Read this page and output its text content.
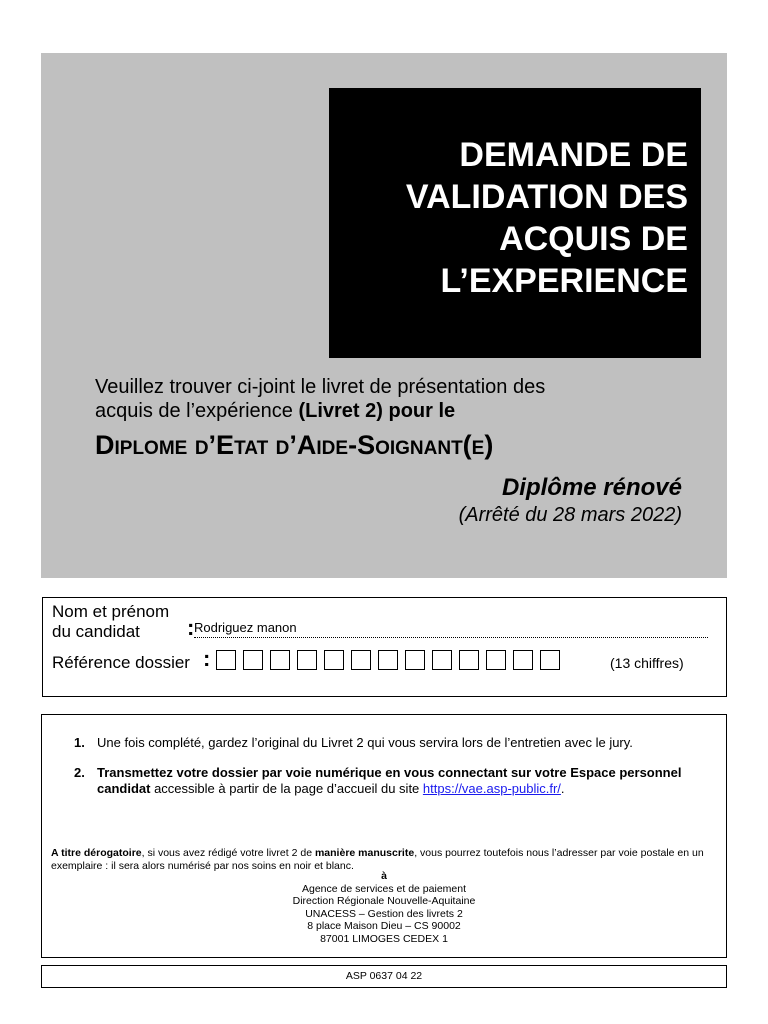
DEMANDE DE
VALIDATION DES
ACQUIS DE
L’EXPERIENCE
Veuillez trouver ci-joint le livret de présentation des
acquis de l’expérience (Livret 2) pour le
Diplome d’Etat d’Aide-Soignant(e)
Diplôme rénové
(Arrêté du 28 mars 2022)
Nom et prénom du candidat	: Rodriguez manon
Référence dossier :	(13 chiffres)
1. Une fois complété, gardez l’original du Livret 2 qui vous servira lors de l’entretien avec le jury.
2. Transmettez votre dossier par voie numérique en vous connectant sur votre Espace personnel candidat accessible à partir de la page d’accueil du site https://vae.asp-public.fr/.
A titre dérogatoire, si vous avez rédigé votre livret 2 de manière manuscrite, vous pourrez toutefois nous l’adresser par voie postale en un exemplaire : il sera alors numérisé par nos soins en noir et blanc.
à
Agence de services et de paiement
Direction Régionale Nouvelle-Aquitaine
UNACESS – Gestion des livrets 2
8 place Maison Dieu – CS 90002
87001 LIMOGES CEDEX 1
ASP 0637 04 22
